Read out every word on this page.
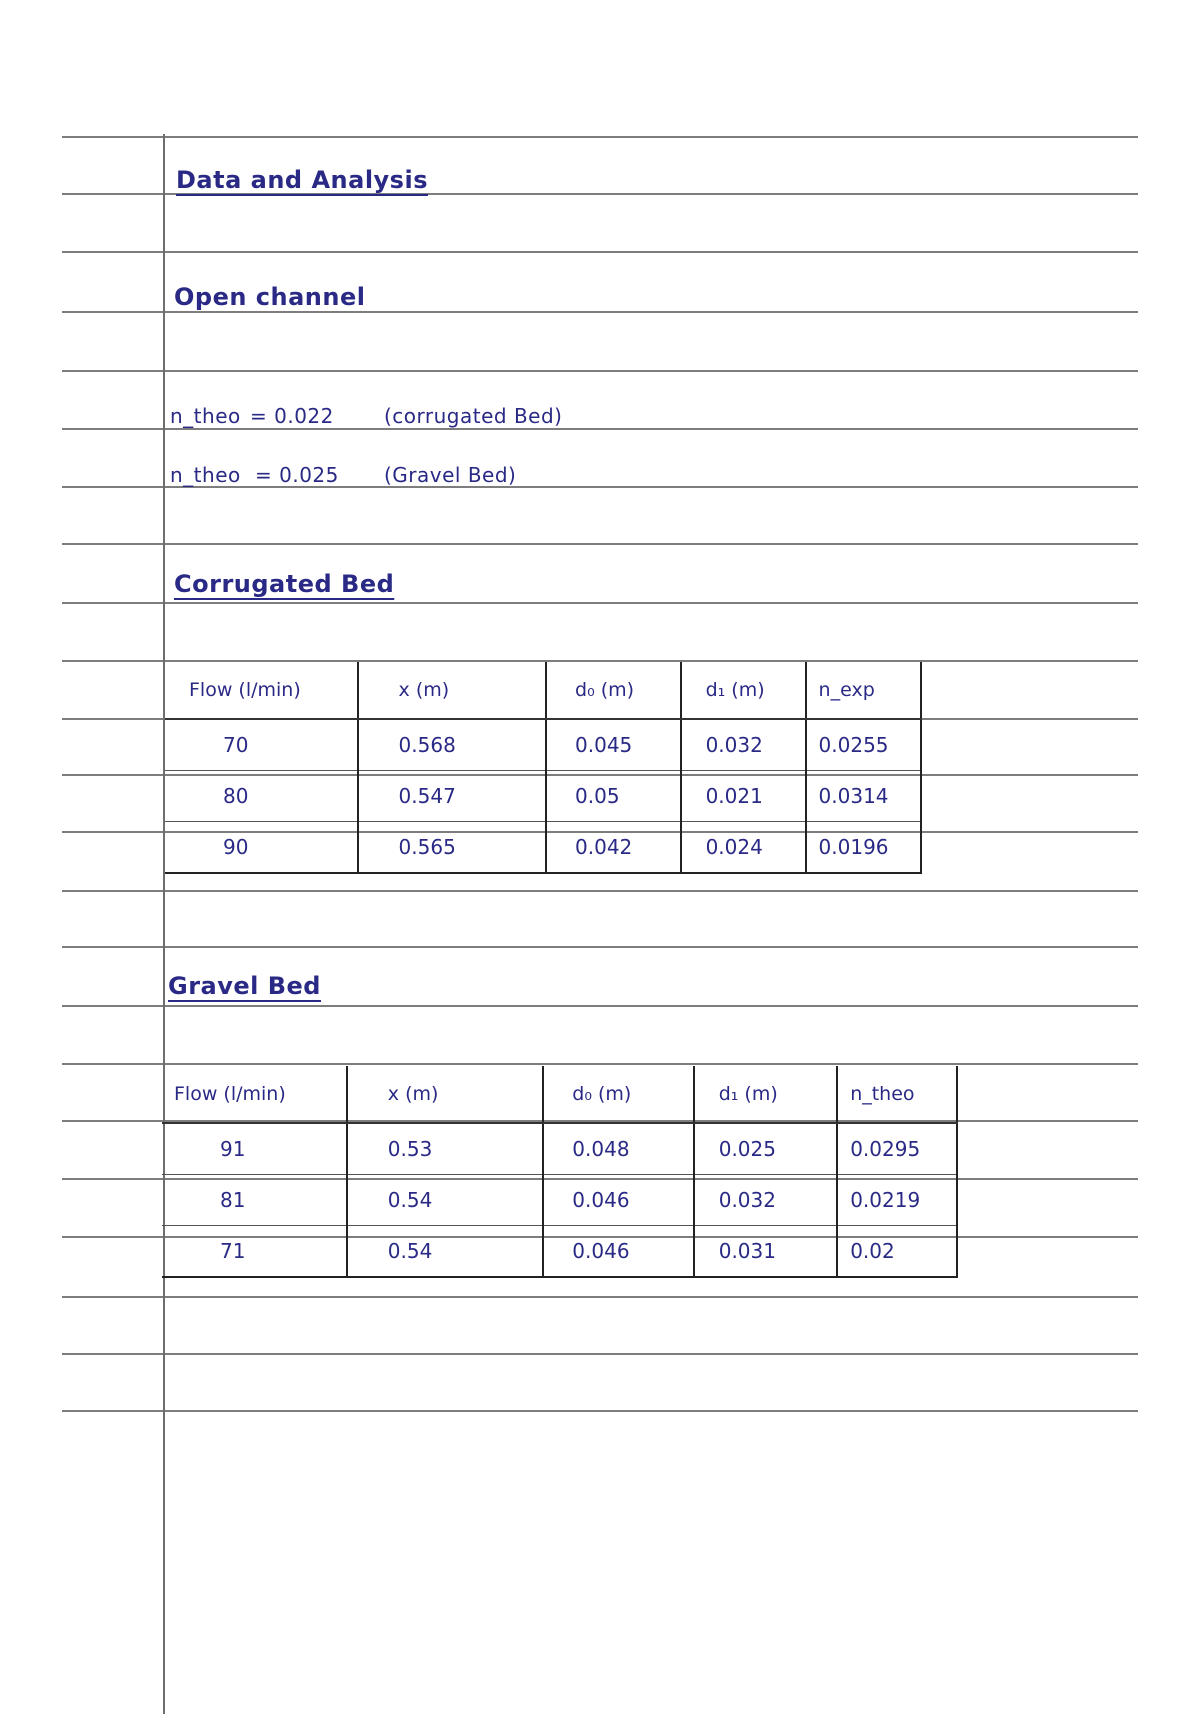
Data and Analysis
Open channel
n_theo = 0.022	(corrugated Bed)
n_theo = 0.025 (Gravel Bed)
Corrugated Bed
Flow (l/min)	x (m)	d₀ (m)	d₁ (m)	n_exp
70	0.568	0.045	0.032	0.0255
80	0.547	0.05	0.021	0.0314
90	0.565	0.042	0.024	0.0196
Gravel Bed
Flow (l/min)	x (m)	d₀ (m)	d₁ (m)	n_theo
91	0.53	0.048	0.025	0.0295
81	0.54	0.046	0.032	0.0219
71	0.54	0.046	0.031	0.02
